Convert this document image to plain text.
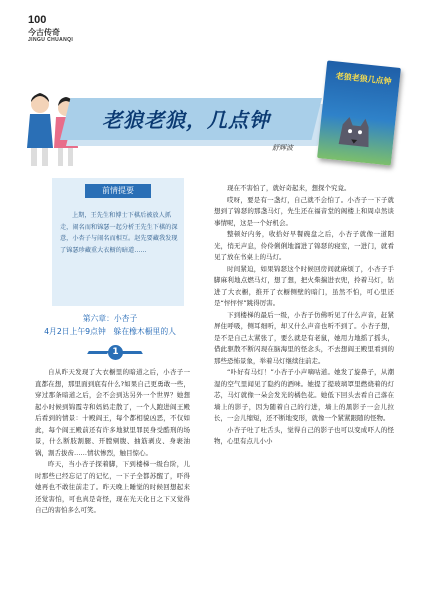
100
今古传奇
JINGU CHUANQI
老狼老狼，几点钟
舒辉波
老狼老狼几点钟
前情提要
上期，王先生和博士下棋后被放人抓走，闹名而和锦瑟一起分析王先生下棋的深意，小杏子与闹名而相互。赵先要藏我发现了锦瑟珍藏重大衣橱的暗道……
第六章：小杏子
4月2日上午9点钟　躲在橡木橱里的人
1

自从昨天发现了大衣橱里的暗道之后，小杏子一直都在想，那里面到底有什么?如果自己更勇敢一些，穿过那条暗道之后，会不会到达另外一个世界？她想起小时候到锦霞寺和妈妈走散了，一个人跑进阎王殿后看到的情景：十殿阎王，每个都相貌凶恶，不仅如此，每个阎王殿前还有许多地狱里罪民身受酷刑的场景，什么断肢割腿、开膛剜腹、抽筋剥皮、身裹油锅，割舌拔齿……情状惨烈，触目惊心。

昨天，当小杏子探着脚，下到楼梯一级台阶，儿时那些已经忘记了的记忆，一下子全都苏醒了，吓得她再也不敢往前走了。昨天晚上睡觉的时候回想起来还觉害怕，可也真是奇怪，现在光天化日之下又觉得自己的害怕多么可笑。

现在不害怕了，就好奇起来，想探个究竟。

哎呀，要是有一盏灯，自己就不会怕了。小杏子一下子就想到了锦瑟的那盏马灯，先生还在福音堂的阁楼上和周卓然谈事情呢，这是一个好机会。

整顿好内务，收拾好早餐碗盘之后，小杏子就像一道阳光，悄无声息，伶伶俐俐地溜进了锦瑟的寝室，一进门，就看见了放在书桌上的马灯。

时间紧迫，如果锦瑟这个时候回房间就麻烦了，小杏子手脚麻利地点燃马灯，想了想，把火柴揣进衣兜，拎着马灯，钻进了大衣橱，推开了衣橱侧壁的暗门，虽然不怕，可心里还是“怦怦怦”跳得厉害。

下到楼梯的最后一级，小杏子仿佛听见了什么声音，赶紧屏住呼吸，侧耳细听，却又什么声音也听不到了。小杏子想，是不是自己太紧张了，要么就是有老鼠，她用力地摇了摇头，借此驱散不断闪现在脑海里的怪念头，不去想阎王殿里看到的那些恐怖景象，举着马灯继续往前走。

“卟好有马灯！”小杏子小声嘀咕道。她发了旋鼻子，从潮湿的空气里闻见了隐约的酒味。她提了提玻璃罩里燃烧着的灯芯，马灯就像一朵会发光的橘色花。她低下回头去看自己落在墙上的影子，因为随着自己的行进，墙上的黑影子一会儿拉长，一会儿缩短，还不断地变形，就像一个紧紧跟随的怪物。

小杏子吐了吐舌头，觉得自己的影子也可以变成吓人的怪物，心里有点儿小小
